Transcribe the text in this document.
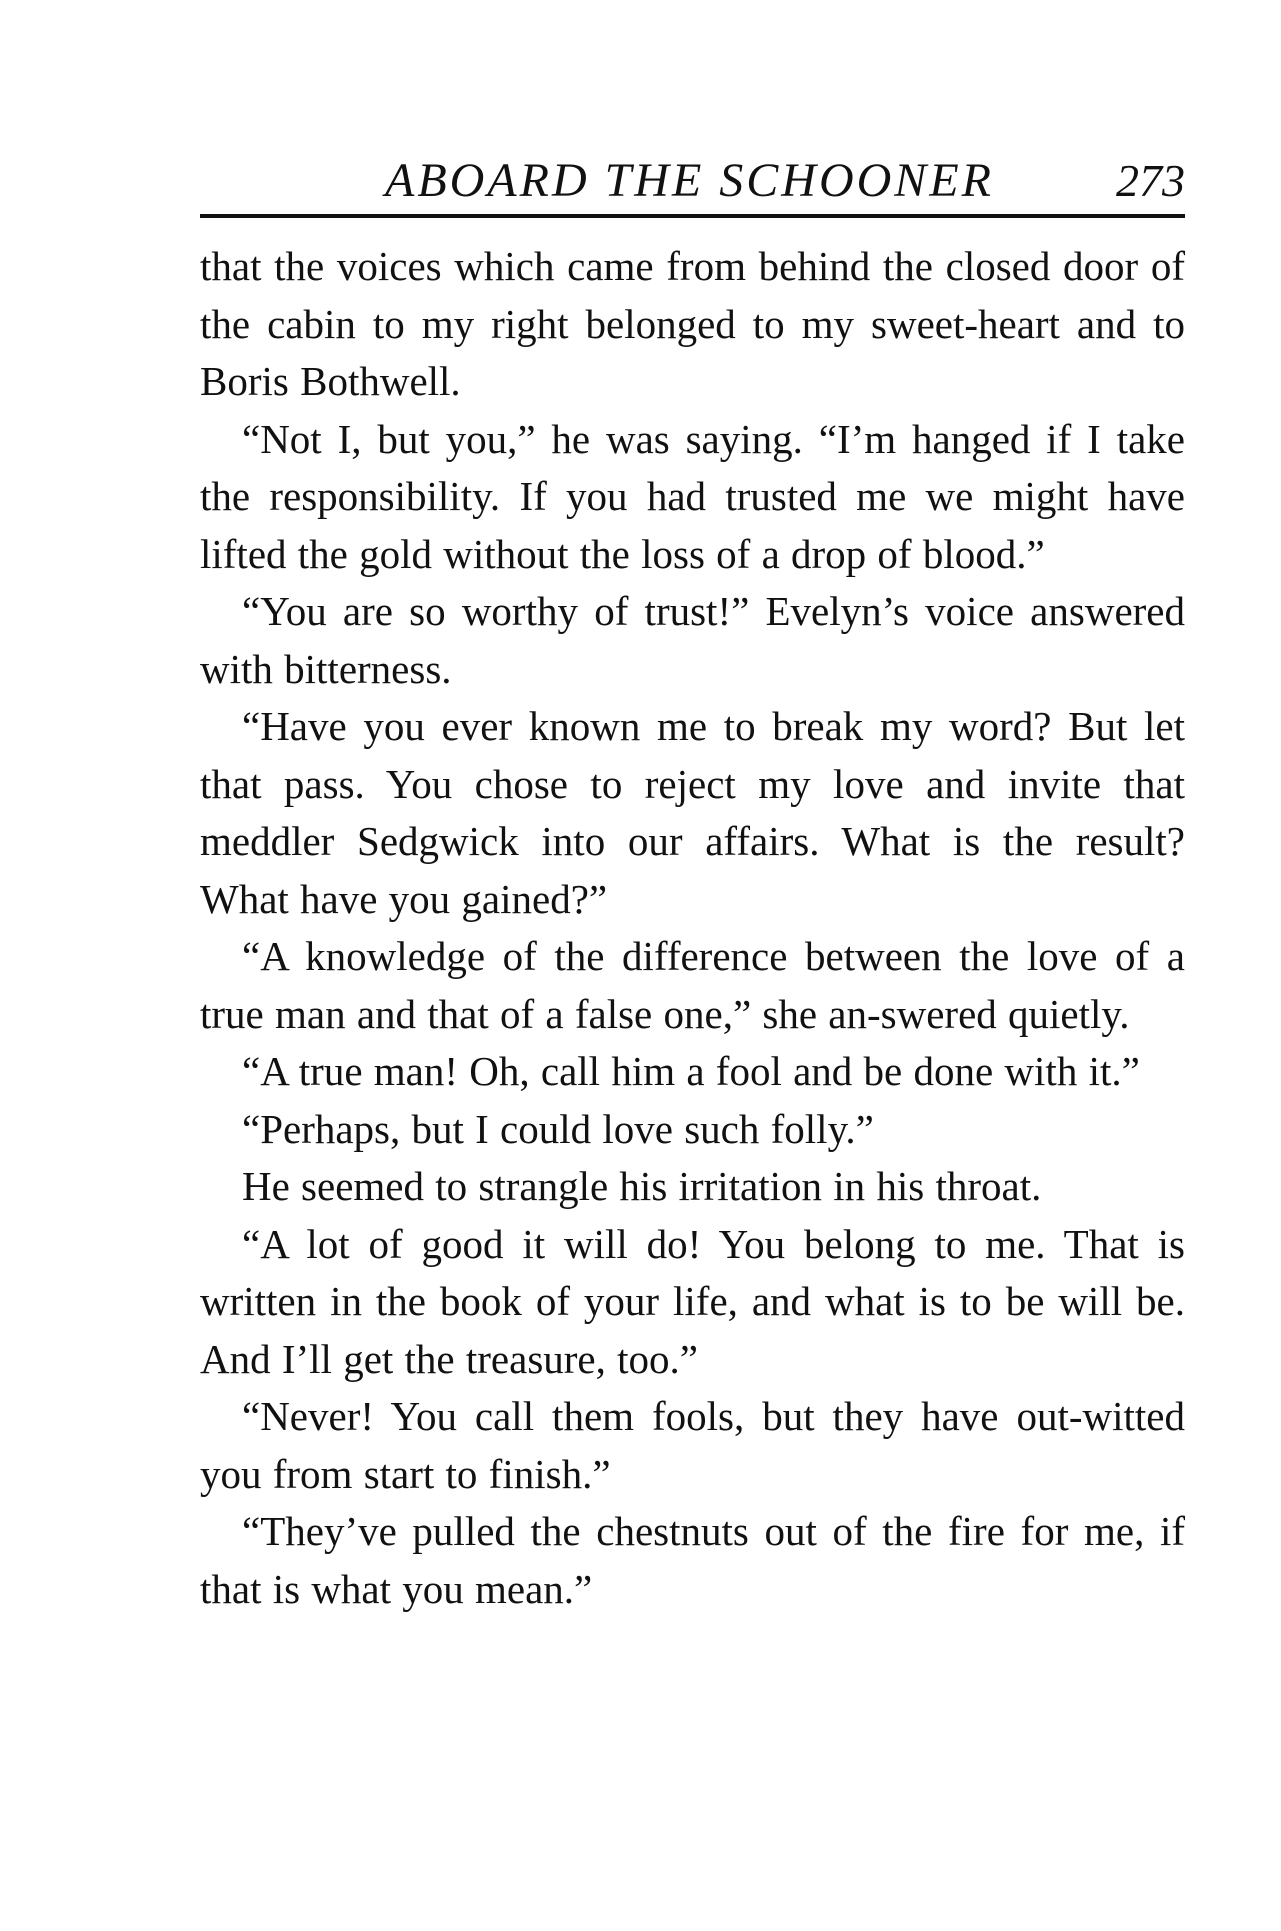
ABOARD THE SCHOONER	273

that the voices which came from behind the closed door of the cabin to my right belonged to my sweet-heart and to Boris Bothwell.

“Not I, but you,” he was saying. “I’m hanged if I take the responsibility. If you had trusted me we might have lifted the gold without the loss of a drop of blood.”

“You are so worthy of trust!” Evelyn’s voice answered with bitterness.

“Have you ever known me to break my word? But let that pass. You chose to reject my love and invite that meddler Sedgwick into our affairs. What is the result? What have you gained?”

“A knowledge of the difference between the love of a true man and that of a false one,” she an-swered quietly.

“A true man! Oh, call him a fool and be done with it.”

“Perhaps, but I could love such folly.”

He seemed to strangle his irritation in his throat.

“A lot of good it will do! You belong to me. That is written in the book of your life, and what is to be will be. And I’ll get the treasure, too.”

“Never! You call them fools, but they have out-witted you from start to finish.”

“They’ve pulled the chestnuts out of the fire for me, if that is what you mean.”
